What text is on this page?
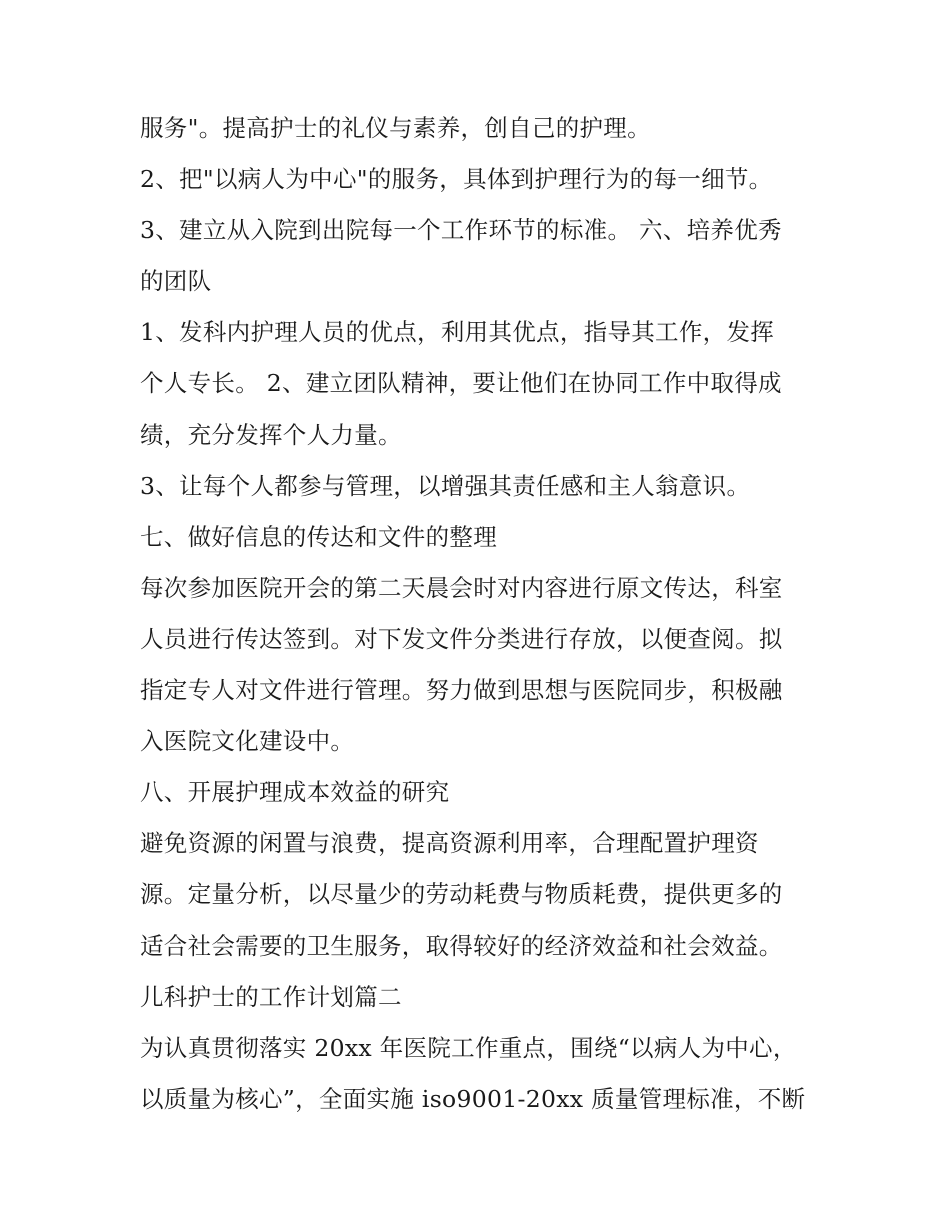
服务"。提高护士的礼仪与素养，创自己的护理。
2、把"以病人为中心"的服务，具体到护理行为的每一细节。
3、建立从入院到出院每一个工作环节的标准。 六、培养优秀
的团队
1、发科内护理人员的优点，利用其优点，指导其工作，发挥
个人专长。 2、建立团队精神，要让他们在协同工作中取得成
绩，充分发挥个人力量。
3、让每个人都参与管理，以增强其责任感和主人翁意识。
七、做好信息的传达和文件的整理
每次参加医院开会的第二天晨会时对内容进行原文传达，科室
人员进行传达签到。对下发文件分类进行存放，以便查阅。拟
指定专人对文件进行管理。努力做到思想与医院同步，积极融
入医院文化建设中。
八、开展护理成本效益的研究
避免资源的闲置与浪费，提高资源利用率，合理配置护理资
源。定量分析，以尽量少的劳动耗费与物质耗费，提供更多的
适合社会需要的卫生服务，取得较好的经济效益和社会效益。
儿科护士的工作计划篇二
为认真贯彻落实 20xx 年医院工作重点，围绕“以病人为中心，
以质量为核心”，全面实施 iso9001-20xx 质量管理标准，不断
